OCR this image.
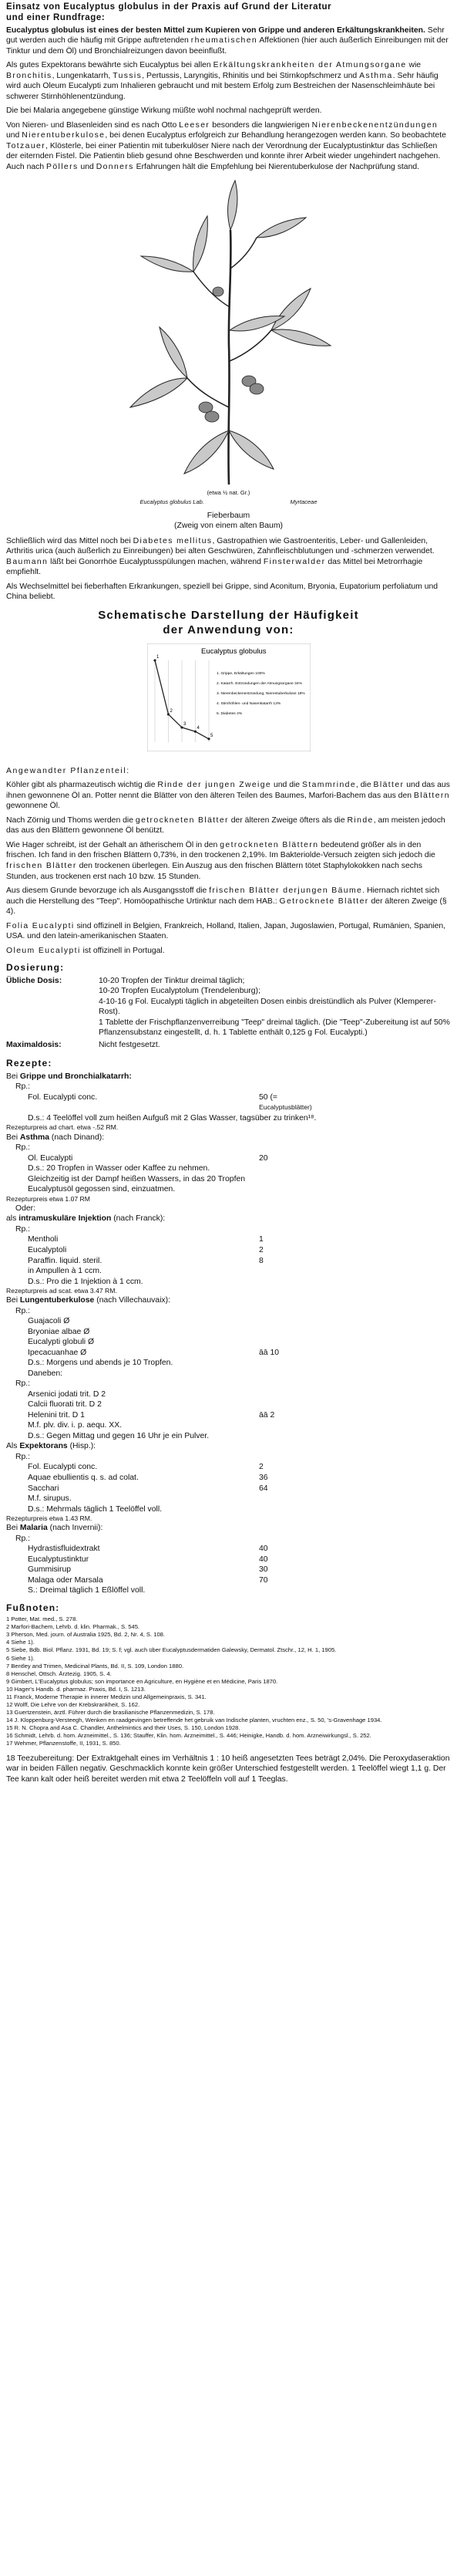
Einsatz von Eucalyptus globulus in der Praxis auf Grund der Literatur
und einer Rundfrage:

Eucalyptus globulus ist eines der besten Mittel zum Kupieren von Grippe und anderen Erkältungskrankheiten. Sehr gut werden auch die häufig mit Grippe auftretenden rheumatischen Affektionen (hier auch äußerlich Einreibungen mit der Tinktur und dem Öl) und Bronchialreizungen davon beeinflußt.

Als gutes Expektorans bewährte sich Eucalyptus bei allen Erkältungskrankheiten der Atmungsorgane wie Bronchitis, Lungenkatarrh, Tussis, Pertussis, Laryngitis, Rhinitis und bei Stirnkopfschmerz und Asthma. Sehr häufig wird auch Oleum Eucalypti zum Inhalieren gebraucht und mit bestem Erfolg zum Bestreichen der Nasenschleimhäute bei schwerer Stirnhöhlenentzündung.

Die bei Malaria angegebene günstige Wirkung müßte wohl nochmal nachgeprüft werden.

Von Nieren- und Blasenleiden sind es nach Otto Leeser besonders die langwierigen Nierenbeckenentzündungen und Nierentuberkulose, bei denen Eucalyptus erfolgreich zur Behandlung herangezogen werden kann. So beobachtete Totzauer, Klösterle, bei einer Patientin mit tuberkulöser Niere nach der Verordnung der Eucalyptustinktur das Schließen der eiternden Fistel. Die Patientin blieb gesund ohne Beschwerden und konnte ihrer Arbeit wieder ungehindert nachgehen. Auch nach Pöllers und Donners Erfahrungen hält die Empfehlung bei Nierentuberkulose der Nachprüfung stand.

(etwa ½ nat. Gr.)
Eucalyptus globulus Lab.	Myrtaceae
Fieberbaum
(Zweig von einem alten Baum)

Schließlich wird das Mittel noch bei Diabetes mellitus, Gastropathien wie Gastroenteritis, Leber- und Gallenleiden, Arthritis urica (auch äußerlich zu Einreibungen) bei alten Geschwüren, Zahnfleischblutungen und -schmerzen verwendet. Baumann läßt bei Gonorrhöe Eucalyptusspülungen machen, während Finsterwalder das Mittel bei Metrorrhagie empfiehlt.

Als Wechselmittel bei fieberhaften Erkrankungen, speziell bei Grippe, sind Aconitum, Bryonia, Eupatorium perfoliatum und China beliebt.

Schematische Darstellung der Häufigkeit
der Anwendung von:
Eucalyptus globulus
1
2
3
4
5
1. Grippe, Erkältungen 100%
2. Katarrh. Entzündungen der Atmungsorgane 34%
3. Nierenbeckenentzündung, Nierentuberkulose 18%
4. Stirnhöhlen- und Nasenkatarrh 13%
5. Diabetes 4%

Angewandter Pflanzenteil:

Köhler gibt als pharmazeutisch wichtig die Rinde der jungen Zweige und die Stammrinde, die Blätter und das aus ihnen gewonnene Öl an. Potter nennt die Blätter von den älteren Teilen des Baumes, Marfori-Bachem das aus den Blättern gewonnene Öl.

Nach Zörnig und Thoms werden die getrockneten Blätter der älteren Zweige öfters als die Rinde, am meisten jedoch das aus den Blättern gewonnene Öl benützt.

Wie Hager schreibt, ist der Gehalt an ätherischem Öl in den getrockneten Blättern bedeutend größer als in den frischen. Ich fand in den frischen Blättern 0,73%, in den trockenen 2,19%. Im Bakteriolde-Versuch zeigten sich jedoch die frischen Blätter den trockenen überlegen. Ein Auszug aus den frischen Blättern tötet Staphylokokken nach sechs Stunden, aus trockenen erst nach 10 bzw. 15 Stunden.

Aus diesem Grunde bevorzuge ich als Ausgangsstoff die frischen Blätter derjungen Bäume. Hiernach richtet sich auch die Herstellung des "Teep". Homöopathische Urtinktur nach dem HAB.: Getrocknete Blätter der älteren Zweige (§ 4).

Folia Eucalypti sind offizinell in Belgien, Frankreich, Holland, Italien, Japan, Jugoslawien, Portugal, Rumänien, Spanien, USA. und den latein-amerikanischen Staaten.

Oleum Eucalypti ist offizinell in Portugal.

Dosierung:
Übliche Dosis:		10-20 Tropfen der Tinktur dreimal täglich;
10-20 Tropfen Eucalyptolum (Trendelenburg);
4-10-16 g Fol. Eucalypti täglich in abgeteilten Dosen einbis dreistündlich als Pulver (Klemperer-Rost).
1 Tablette der Frischpflanzenverreibung "Teep" dreimal täglich. (Die "Teep"-Zubereitung ist auf 50% Pflanzensubstanz eingestellt, d. h. 1 Tablette enthält 0,125 g Fol. Eucalypti.)

Maximaldosis:		Nicht festgesetzt.
Rezepte:
Bei Grippe und Bronchialkatarrh:
Rp.:
Fol. Eucalypti conc.	50 (=
Eucalyptusblätter)
D.s.: 4 Teelöffel voll zum heißen Aufguß mit 2 Glas Wasser, tagsüber zu trinken¹⁸.
Rezepturpreis ad chart. etwa -.52 RM.
Bei Asthma (nach Dinand):
Rp.:
Ol. Eucalypti	20
D.s.: 20 Tropfen in Wasser oder Kaffee zu nehmen.
Gleichzeitig ist der Dampf heißen Wassers, in das 20 Tropfen
Eucalyptusöl gegossen sind, einzuatmen.
Rezepturpreis etwa 1.07 RM
Oder:
als intramuskuläre Injektion (nach Franck):
Rp.:
Mentholi	1
Eucalyptoli	2
Paraffin. liquid. steril.	8
in Ampullen à 1 ccm.
D.s.: Pro die 1 Injektion à 1 ccm.
Rezepturpreis ad scat. etwa 3.47 RM.
Bei Lungentuberkulose (nach Villechauvaix):
Rp.:
Guajacoli Ø
Bryoniae albae Ø
Eucalypti globuli Ø
Ipecacuanhae Ø	āā 10
D.s.: Morgens und abends je 10 Tropfen.
Daneben:
Rp.:
Arsenici jodati trit. D 2
Calcii fluorati trit. D 2
Helenini trit. D 1	āā 2
M.f. plv. div. i. p. aequ. XX.
D.s.: Gegen Mittag und gegen 16 Uhr je ein Pulver.
Als Expektorans (Hisp.):
Rp.:
Fol. Eucalypti conc.	2
Aquae ebullientis q. s. ad colat.	36
Sacchari	64
M.f. sirupus.
D.s.: Mehrmals täglich 1 Teelöffel voll.
Rezepturpreis etwa 1.43 RM.
Bei Malaria (nach Invernii):
Rp.:
Hydrastisfluidextrakt	40
Eucalyptustinktur	40
Gummisirup	30
Malaga oder Marsala	70
S.: Dreimal täglich 1 Eßlöffel voll.
Fußnoten:
1 Potter, Mat. med., S. 278.
2 Marfori-Bachem, Lehrb. d. klin. Pharmak., S. 545.
3 Pherson, Med. journ. of Australia 1925, Bd. 2, Nr. 4, S. 108.
4 Siehe 1).
5 Siebe, Bdb. Biol. Pflanz. 1931, Bd. 19; S. f; vgl. auch über Eucalyptusdermatiden Galewsky, Dermatol. Ztschr., 12, H. 1, 1905.
6 Siehe 1).
7 Bentley and Trimen, Medicinal Plants, Bd. II, S. 109, London 1880.
8 Henschel, Ottsch. Ärztezig. 1905, S. 4.
9 Gimbert, L'Eucalyptus globulus; son importance en Agriculture, en Hygiène et en Médicine, Paris 1870.
10 Hager's Handb. d. pharmaz. Praxis, Bd. I, S. 1213.
11 Franck, Moderne Therapie in innerer Medizin und Allgemeinpraxis, S. 341.
12 Wolff, Die Lehre von der Krebskrankheit, S. 162.
13 Guertzenstein, ärztl. Führer durch die brasilianische Pflanzenmedizin, S. 178.
14 J. Kloppenburg-Versteegh, Wenken en raadgevingen betreffende het gebruik van Indische planten, vruchten enz., S. 50, 's-Gravenhage 1934.
15 R. N. Chopra and Asa C. Chandler, Anthelmintics and their Uses, S. 150, London 1928.
16 Schmidt, Lehrb. d. hom. Arzneimittel., S. 136; Stauffer, Klin. hom. Arzneimittel., S. 446; Heinigke, Handb. d. hom. Arzneiwirkungsl., S. 252.
17 Wehmer, Pflanzenstoffe, II, 1931, S. 850.

18 Teezubereitung: Der Extraktgehalt eines im Verhältnis 1 : 10 heiß angesetzten Tees beträgt 2,04%. Die Peroxydaseraktion war in beiden Fällen negativ. Geschmacklich konnte kein größer Unterschied festgestellt werden. 1 Teelöffel wiegt 1,1 g. Der Tee kann kalt oder heiß bereitet werden mit etwa 2 Teelöffeln voll auf 1 Teeglas.
